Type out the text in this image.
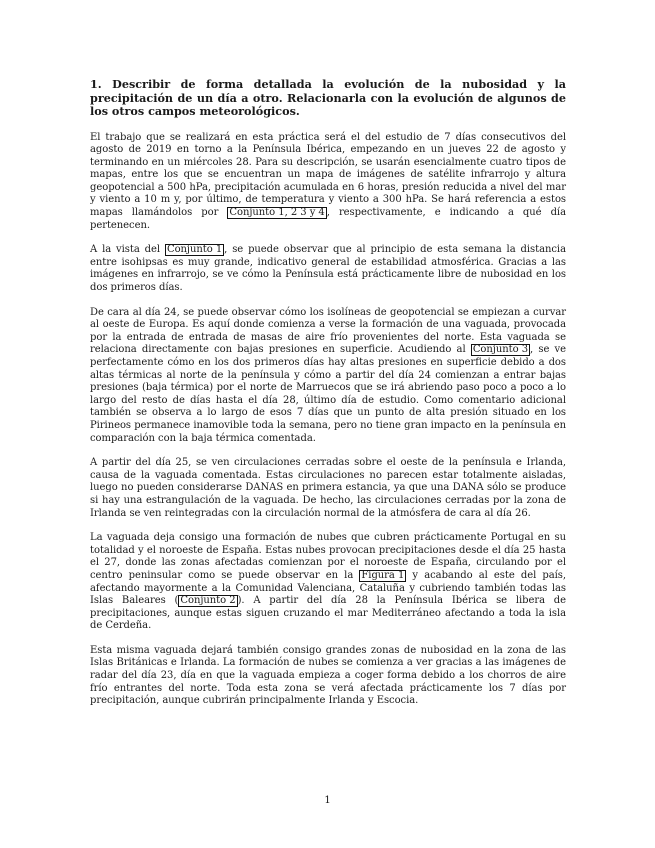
1. Describir de forma detallada la evolución de la nubosidad y la precipitación de un día a otro. Relacionarla con la evolución de algunos de los otros campos meteorológicos.

El trabajo que se realizará en esta práctica será el del estudio de 7 días consecutivos del agosto de 2019 en torno a la Península Ibérica, empezando en un jueves 22 de agosto y terminando en un miércoles 28. Para su descripción, se usarán esencialmente cuatro tipos de mapas, entre los que se encuentran un mapa de imágenes de satélite infrarrojo y altura geopotencial a 500 hPa, precipitación acumulada en 6 horas, presión reducida a nivel del mar y viento a 10 m y, por último, de temperatura y viento a 300 hPa. Se hará referencia a estos mapas llamándolos por Conjunto 1, 2 3 y 4 , respectivamente, e indicando a qué día pertenecen.

A la vista del Conjunto 1 , se puede observar que al principio de esta semana la distancia entre isohipsas es muy grande, indicativo general de estabilidad atmosférica. Gracias a las imágenes en infrarrojo, se ve cómo la Península está prácticamente libre de nubosidad en los dos primeros días.

De cara al día 24, se puede observar cómo los isolíneas de geopotencial se empiezan a curvar al oeste de Europa. Es aquí donde comienza a verse la formación de una vaguada, provocada por la entrada de entrada de masas de aire frío provenientes del norte. Esta vaguada se relaciona directamente con bajas presiones en superficie. Acudiendo al Conjunto 3 , se ve perfectamente cómo en los dos primeros días hay altas presiones en superficie debido a dos altas térmicas al norte de la península y cómo a partir del día 24 comienzan a entrar bajas presiones (baja térmica) por el norte de Marruecos que se irá abriendo paso poco a poco a lo largo del resto de días hasta el día 28, último día de estudio. Como comentario adicional también se observa a lo largo de esos 7 días que un punto de alta presión situado en los Pirineos permanece inamovible toda la semana, pero no tiene gran impacto en la península en comparación con la baja térmica comentada.

A partir del día 25, se ven circulaciones cerradas sobre el oeste de la península e Irlanda, causa de la vaguada comentada. Estas circulaciones no parecen estar totalmente aisladas, luego no pueden considerarse DANAS en primera estancia, ya que una DANA sólo se produce si hay una estrangulación de la vaguada. De hecho, las circulaciones cerradas por la zona de Irlanda se ven reintegradas con la circulación normal de la atmósfera de cara al día 26.

La vaguada deja consigo una formación de nubes que cubren prácticamente Portugal en su totalidad y el noroeste de España. Estas nubes provocan precipitaciones desde el día 25 hasta el 27, donde las zonas afectadas comienzan por el noroeste de España, circulando por el centro peninsular como se puede observar en la Figura 1 y acabando al este del país, afectando mayormente a la Comunidad Valenciana, Cataluña y cubriendo también todas las Islas Baleares ( Conjunto 2 ). A partir del día 28 la Península Ibérica se libera de precipitaciones, aunque estas siguen cruzando el mar Mediterráneo afectando a toda la isla de Cerdeña.

Esta misma vaguada dejará también consigo grandes zonas de nubosidad en la zona de las Islas Británicas e Irlanda. La formación de nubes se comienza a ver gracias a las imágenes de radar del día 23, día en que la vaguada empieza a coger forma debido a los chorros de aire frío entrantes del norte. Toda esta zona se verá afectada prácticamente los 7 días por precipitación, aunque cubrirán principalmente Irlanda y Escocia.

1
